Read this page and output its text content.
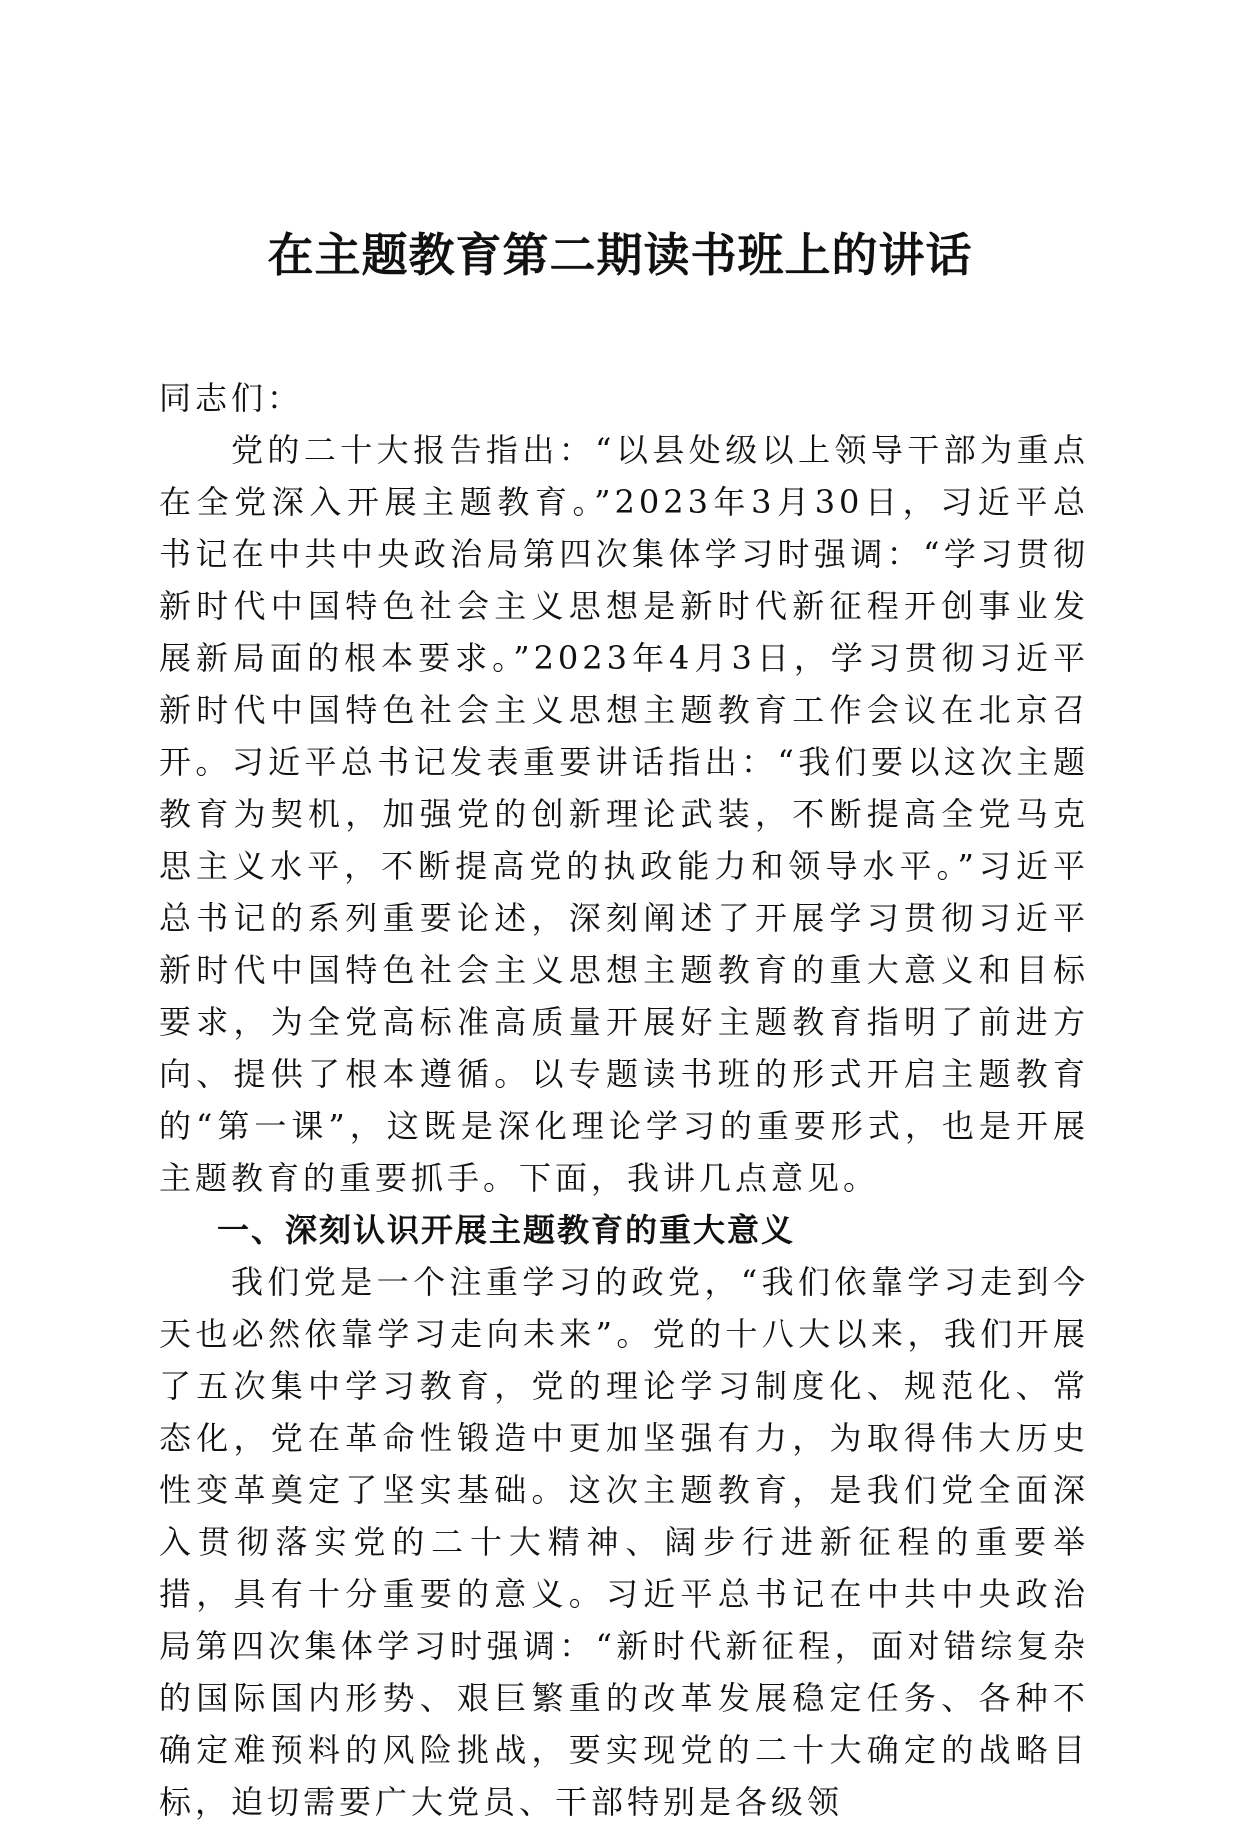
在主题教育第二期读书班上的讲话

同志们：

党的二十大报告指出：“以县处级以上领导干部为重点在全党深入开展主题教育。”2023年3月30日，习近平总书记在中共中央政治局第四次集体学习时强调：“学习贯彻新时代中国特色社会主义思想是新时代新征程开创事业发展新局面的根本要求。”2023年4月3日，学习贯彻习近平新时代中国特色社会主义思想主题教育工作会议在北京召开。习近平总书记发表重要讲话指出：“我们要以这次主题教育为契机，加强党的创新理论武装，不断提高全党马克思主义水平，不断提高党的执政能力和领导水平。”习近平总书记的系列重要论述，深刻阐述了开展学习贯彻习近平新时代中国特色社会主义思想主题教育的重大意义和目标要求，为全党高标准高质量开展好主题教育指明了前进方向、提供了根本遵循。以专题读书班的形式开启主题教育的“第一课”，这既是深化理论学习的重要形式，也是开展主题教育的重要抓手。下面，我讲几点意见。

一、深刻认识开展主题教育的重大意义

我们党是一个注重学习的政党，“我们依靠学习走到今天也必然依靠学习走向未来”。党的十八大以来，我们开展了五次集中学习教育，党的理论学习制度化、规范化、常态化，党在革命性锻造中更加坚强有力，为取得伟大历史性变革奠定了坚实基础。这次主题教育，是我们党全面深入贯彻落实党的二十大精神、阔步行进新征程的重要举措，具有十分重要的意义。习近平总书记在中共中央政治局第四次集体学习时强调：“新时代新征程，面对错综复杂的国际国内形势、艰巨繁重的改革发展稳定任务、各种不确定难预料的风险挑战，要实现党的二十大确定的战略目标，迫切需要广大党员、干部特别是各级领
